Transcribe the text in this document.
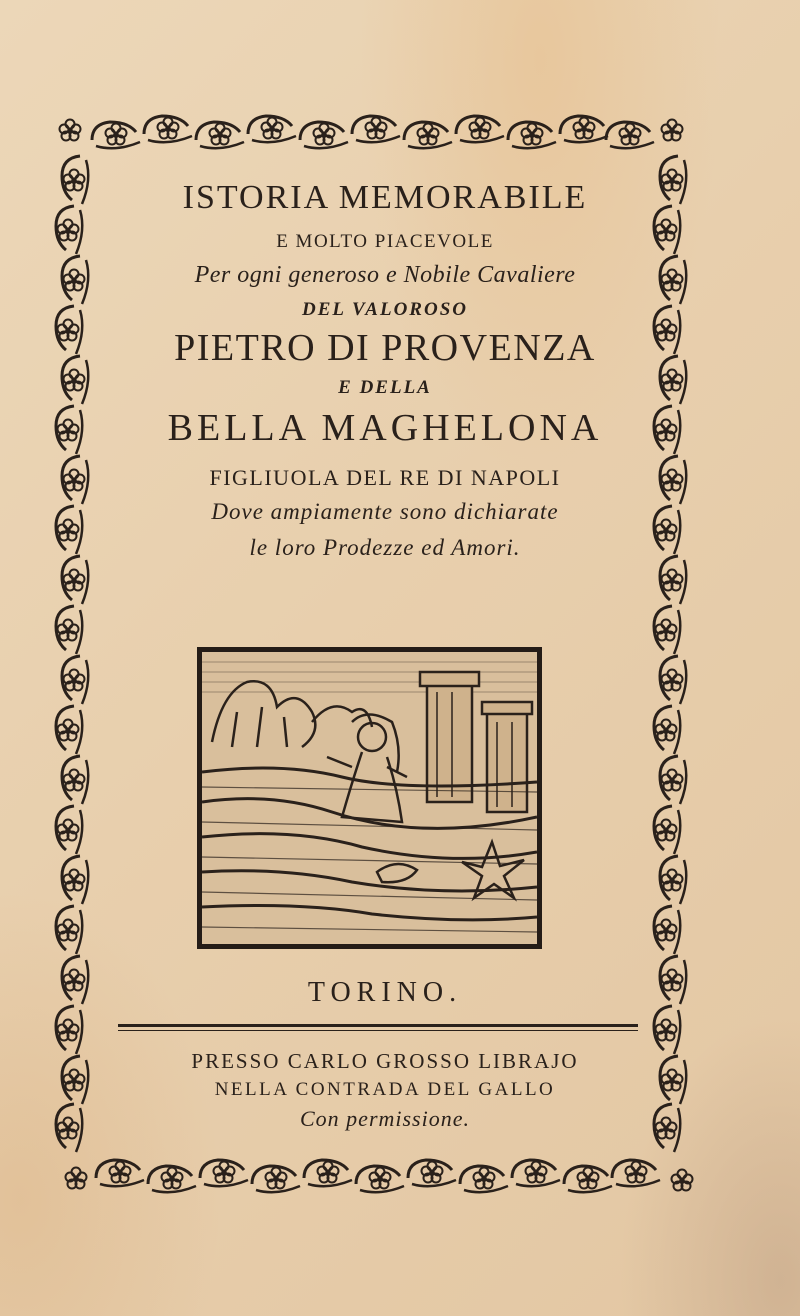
ISTORIA MEMORABILE
E MOLTO PIACEVOLE
Per ogni generoso e Nobile Cavaliere
DEL VALOROSO
PIETRO DI PROVENZA
E DELLA
BELLA MAGHELONA
FIGLIUOLA DEL RE DI NAPOLI
Dove ampiamente sono dichiarate
le loro Prodezze ed Amori.
TORINO.
PRESSO CARLO GROSSO LIBRAJO
NELLA CONTRADA DEL GALLO
Con permissione.
